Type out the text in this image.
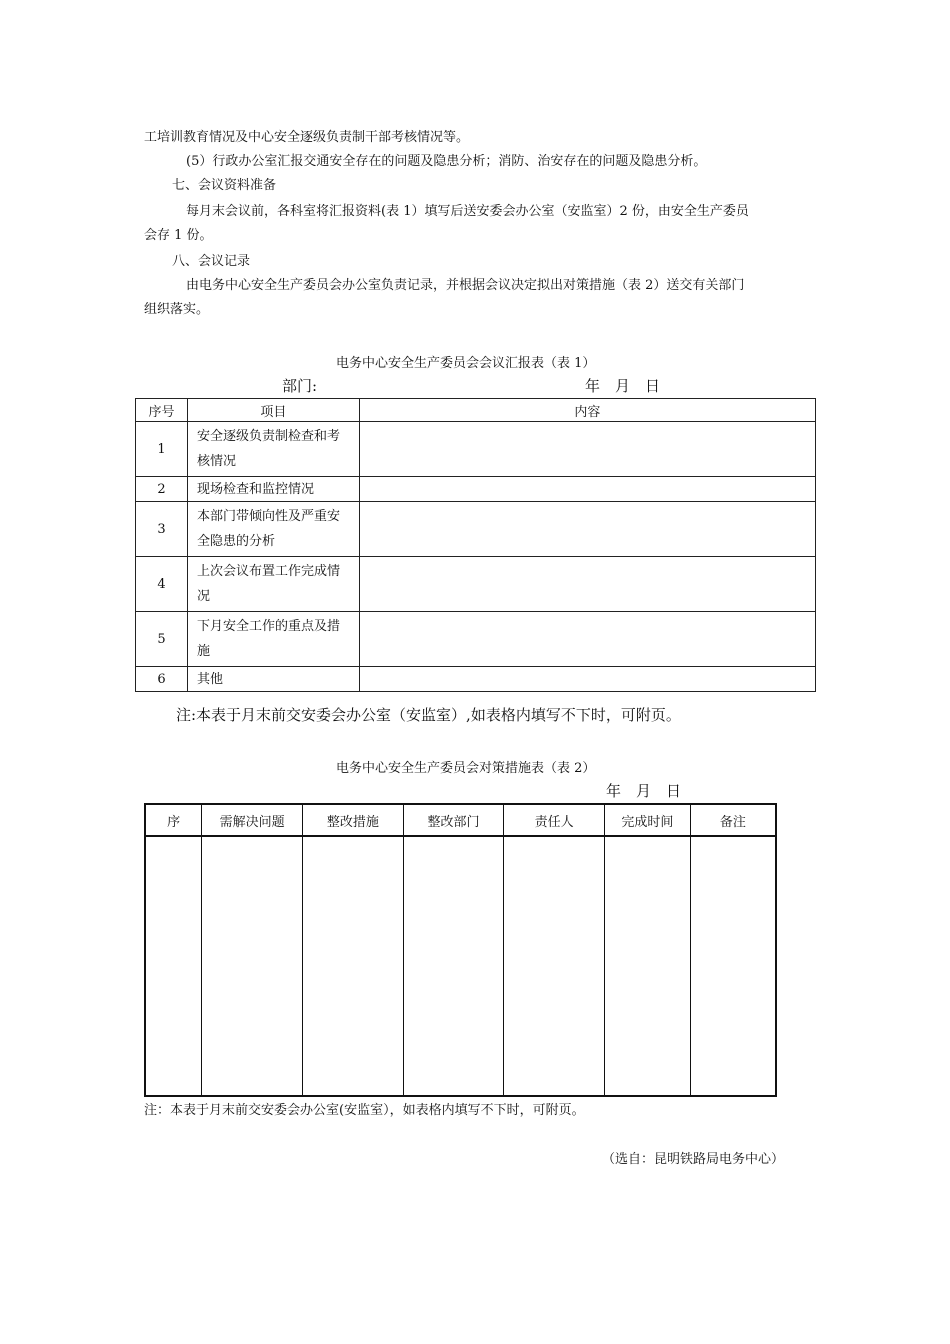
工培训教育情况及中心安全逐级负责制干部考核情况等。
(5）行政办公室汇报交通安全存在的问题及隐患分析；消防、治安存在的问题及隐患分析。
七、会议资料准备
每月末会议前，各科室将汇报资料(表 1）填写后送安委会办公室（安监室）2 份，由安全生产委员
会存 1 份。
八、会议记录
由电务中心安全生产委员会办公室负责记录，并根据会议决定拟出对策措施（表 2）送交有关部门
组织落实。
电务中心安全生产委员会会议汇报表（表 1）
部门:	年　月　日
序号	项目	内容
1	安全逐级负责制检查和考核情况	
2	现场检查和监控情况	
3	本部门带倾向性及严重安全隐患的分析	
4	上次会议布置工作完成情况	
5	下月安全工作的重点及措施	
6	其他	
注:本表于月末前交安委会办公室（安监室）,如表格内填写不下时，可附页。
电务中心安全生产委员会对策措施表（表 2）
年　月　日
序	需解决问题	整改措施	整改部门	责任人	完成时间	备注

注：本表于月末前交安委会办公室(安监室），如表格内填写不下时，可附页。
（选自：昆明铁路局电务中心）
